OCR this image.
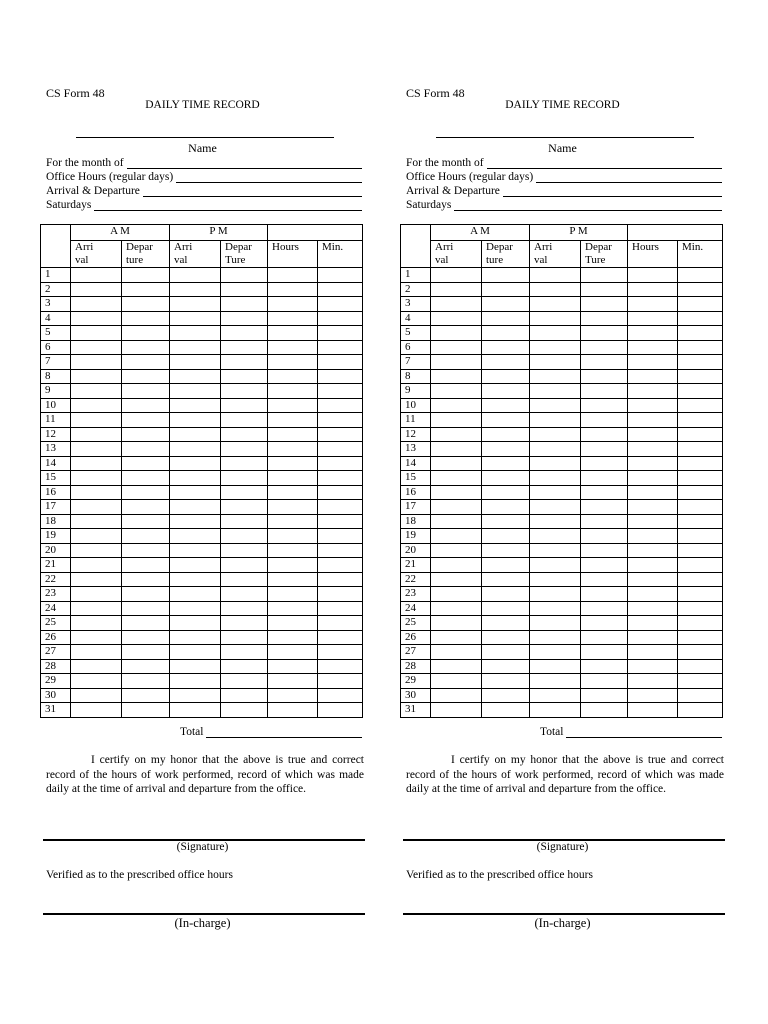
CS Form 48
DAILY TIME RECORD
Name
For the month of
Office Hours (regular days)
Arrival & Departure
Saturdays
	A M		P M			
	Arri	Depar	Arri	Depar	Hours	Min.
	val	ture	val	Ture		
1						
2						
3						
4						
5						
6						
7						
8						
9						
10						
11						
12						
13						
14						
15						
16						
17						
18						
19						
20						
21						
22						
23						
24						
25						
26						
27						
28						
29						
30						
31						
Total
I certify on my honor that the above is true and correct record of the hours of work performed, record of which was made daily at the time of arrival and departure from the office.
(Signature)
Verified as to the prescribed office hours
(In-charge)
CS Form 48
DAILY TIME RECORD
Name
For the month of
Office Hours (regular days)
Arrival & Departure
Saturdays
	A M		P M			
	Arri	Depar	Arri	Depar	Hours	Min.
	val	ture	val	Ture		
1						
2						
3						
4						
5						
6						
7						
8						
9						
10						
11						
12						
13						
14						
15						
16						
17						
18						
19						
20						
21						
22						
23						
24						
25						
26						
27						
28						
29						
30						
31						
Total
I certify on my honor that the above is true and correct record of the hours of work performed, record of which was made daily at the time of arrival and departure from the office.
(Signature)
Verified as to the prescribed office hours
(In-charge)
